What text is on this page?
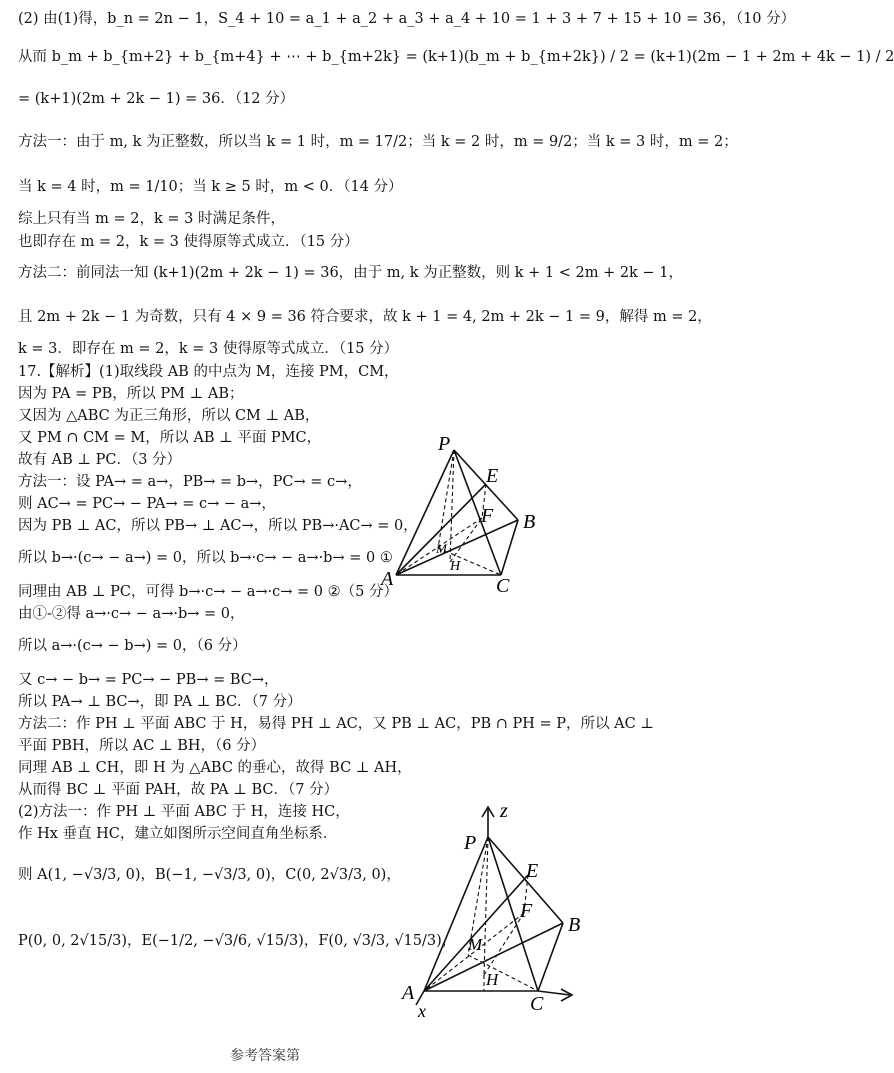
(2) 由(1)得，b_n = 2n − 1，S_4 + 10 = a_1 + a_2 + a_3 + a_4 + 10 = 1 + 3 + 7 + 15 + 10 = 36，（10 分）
从而 b_m + b_{m+2} + b_{m+4} + ⋯ + b_{m+2k} = (k+1)(b_m + b_{m+2k}) / 2 = (k+1)(2m − 1 + 2m + 4k − 1) / 2
= (k+1)(2m + 2k − 1) = 36．（12 分）
方法一：由于 m, k 为正整数，所以当 k = 1 时，m = 17/2；当 k = 2 时，m = 9/2；当 k = 3 时，m = 2；
当 k = 4 时，m = 1/10；当 k ≥ 5 时，m < 0．（14 分）
综上只有当 m = 2，k = 3 时满足条件，
也即存在 m = 2，k = 3 使得原等式成立．（15 分）
方法二：前同法一知 (k+1)(2m + 2k − 1) = 36，由于 m, k 为正整数，则 k + 1 < 2m + 2k − 1，
且 2m + 2k − 1 为奇数，只有 4 × 9 = 36 符合要求，故 k + 1 = 4, 2m + 2k − 1 = 9，解得 m = 2，
k = 3．即存在 m = 2，k = 3 使得原等式成立．（15 分）
17.【解析】(1)取线段 AB 的中点为 M，连接 PM，CM，
因为 PA = PB，所以 PM ⊥ AB；
又因为 △ABC 为正三角形，所以 CM ⊥ AB，
又 PM ∩ CM = M，所以 AB ⊥ 平面 PMC，
故有 AB ⊥ PC．（3 分）
方法一：设 PA→ = a→，PB→ = b→，PC→ = c→，
则 AC→ = PC→ − PA→ = c→ − a→，
因为 PB ⊥ AC，所以 PB→ ⊥ AC→，所以 PB→·AC→ = 0，
所以 b→·(c→ − a→) = 0，所以 b→·c→ − a→·b→ = 0 ①
同理由 AB ⊥ PC，可得 b→·c→ − a→·c→ = 0 ②（5 分）
由①-②得 a→·c→ − a→·b→ = 0，
所以 a→·(c→ − b→) = 0，（6 分）
又 c→ − b→ = PC→ − PB→ = BC→，
所以 PA→ ⊥ BC→，即 PA ⊥ BC．（7 分）
方法二：作 PH ⊥ 平面 ABC 于 H，易得 PH ⊥ AC，又 PB ⊥ AC，PB ∩ PH = P，所以 AC ⊥
平面 PBH，所以 AC ⊥ BH，（6 分）
同理 AB ⊥ CH，即 H 为 △ABC 的垂心，故得 BC ⊥ AH，
从而得 BC ⊥ 平面 PAH，故 PA ⊥ BC．（7 分）
(2)方法一：作 PH ⊥ 平面 ABC 于 H，连接 HC，
作 Hx 垂直 HC，建立如图所示空间直角坐标系．
则 A(1, −√3/3, 0)，B(−1, −√3/3, 0)，C(0, 2√3/3, 0)，
P(0, 0, 2√15/3)，E(−1/2, −√3/6, √15/3)，F(0, √3/3, √15/3)，
P
E
F B
M
H
A	C
z
P
E
F
B
M
H
A
x	C
参考答案第
